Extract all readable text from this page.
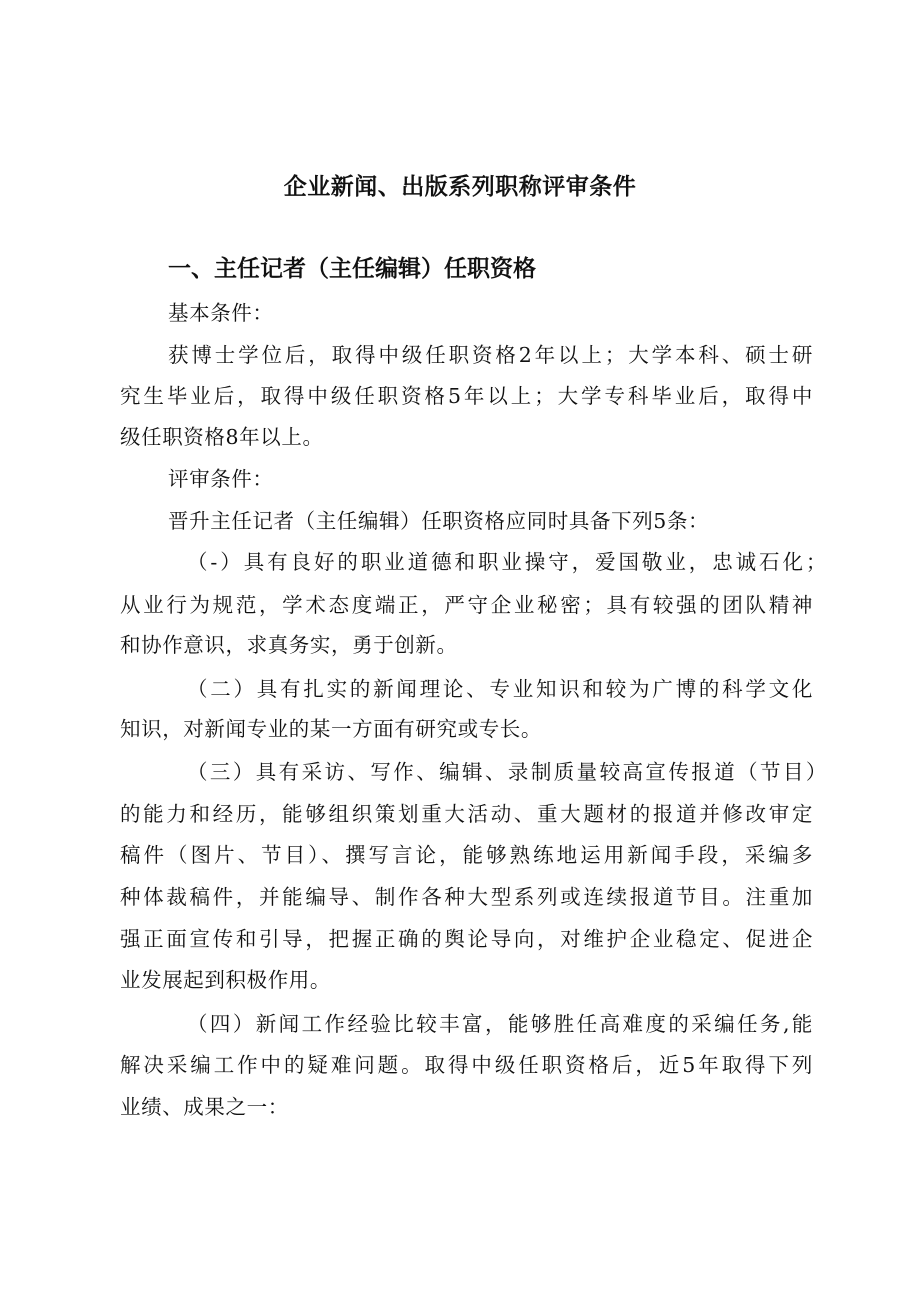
企业新闻、出版系列职称评审条件
一、主任记者（主任编辑）任职资格
基本条件：
获博士学位后，取得中级任职资格2年以上；大学本科、硕士研
究生毕业后，取得中级任职资格5年以上；大学专科毕业后，取得中
级任职资格8年以上。
评审条件：
晋升主任记者（主任编辑）任职资格应同时具备下列5条：
（-）具有良好的职业道德和职业操守，爱国敬业，忠诚石化；
从业行为规范，学术态度端正，严守企业秘密；具有较强的团队精神
和协作意识，求真务实，勇于创新。
（二）具有扎实的新闻理论、专业知识和较为广博的科学文化
知识，对新闻专业的某一方面有研究或专长。
（三）具有采访、写作、编辑、录制质量较高宣传报道（节目）
的能力和经历，能够组织策划重大活动、重大题材的报道并修改审定
稿件（图片、节目）、撰写言论，能够熟练地运用新闻手段，采编多
种体裁稿件，并能编导、制作各种大型系列或连续报道节目。注重加
强正面宣传和引导，把握正确的舆论导向，对维护企业稳定、促进企
业发展起到积极作用。
（四）新闻工作经验比较丰富，能够胜任高难度的采编任务,能
解决采编工作中的疑难问题。取得中级任职资格后，近5年取得下列
业绩、成果之一：
